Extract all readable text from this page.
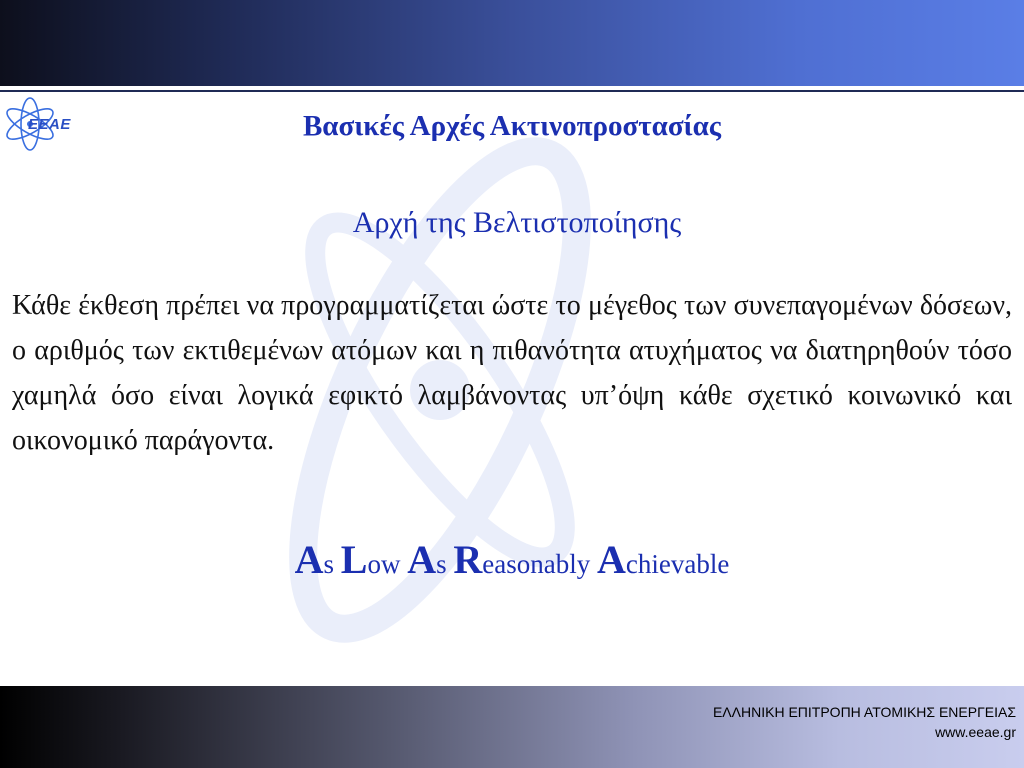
ΕΕΑΕ	Βασικές Αρχές Ακτινοπροστασίας
Αρχή της Βελτιστοποίησης
Κάθε έκθεση πρέπει να προγραμματίζεται ώστε το μέγεθος των συνεπαγομένων δόσεων, ο αριθμός των εκτιθεμένων ατόμων και η πιθανότητα ατυχήματος να διατηρηθούν τόσο χαμηλά όσο είναι λογικά εφικτό λαμβάνοντας υπ’όψη κάθε σχετικό κοινωνικό και οικονομικό παράγοντα.
As Low As Reasonably Achievable
ΕΛΛΗΝΙΚΗ ΕΠΙΤΡΟΠΗ ΑΤΟΜΙΚΗΣ ΕΝΕΡΓΕΙΑΣ
www.eeae.gr
